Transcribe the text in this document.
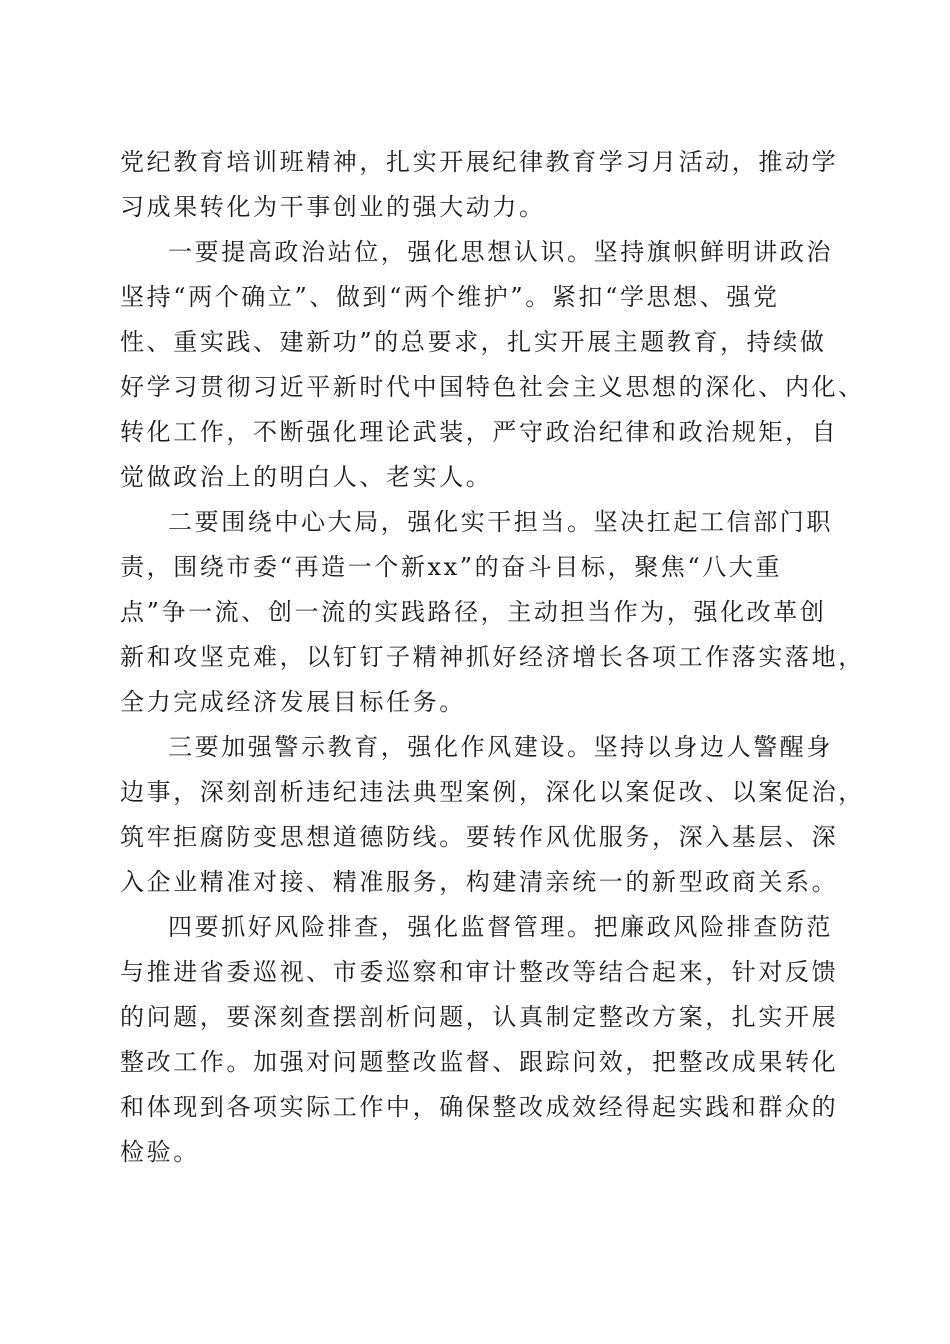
党纪教育培训班精神，扎实开展纪律教育学习月活动，推动学
习成果转化为干事创业的强大动力。
一要提高政治站位，强化思想认识。坚持旗帜鲜明讲政治
坚持“两个确立”、做到“两个维护”。紧扣“学思想、强党
性、重实践、建新功”的总要求，扎实开展主题教育，持续做
好学习贯彻习近平新时代中国特色社会主义思想的深化、内化、
转化工作，不断强化理论武装，严守政治纪律和政治规矩，自
觉做政治上的明白人、老实人。
二要围绕中心大局，强化实干担当。坚决扛起工信部门职
责，围绕市委“再造一个新xx”的奋斗目标，聚焦“八大重
点”争一流、创一流的实践路径，主动担当作为，强化改革创
新和攻坚克难，以钉钉子精神抓好经济增长各项工作落实落地，
全力完成经济发展目标任务。
三要加强警示教育，强化作风建设。坚持以身边人警醒身
边事，深刻剖析违纪违法典型案例，深化以案促改、以案促治，
筑牢拒腐防变思想道德防线。要转作风优服务，深入基层、深
入企业精准对接、精准服务，构建清亲统一的新型政商关系。
四要抓好风险排查，强化监督管理。把廉政风险排查防范
与推进省委巡视、市委巡察和审计整改等结合起来，针对反馈
的问题，要深刻查摆剖析问题，认真制定整改方案，扎实开展
整改工作。加强对问题整改监督、跟踪问效，把整改成果转化
和体现到各项实际工作中，确保整改成效经得起实践和群众的
检验。
